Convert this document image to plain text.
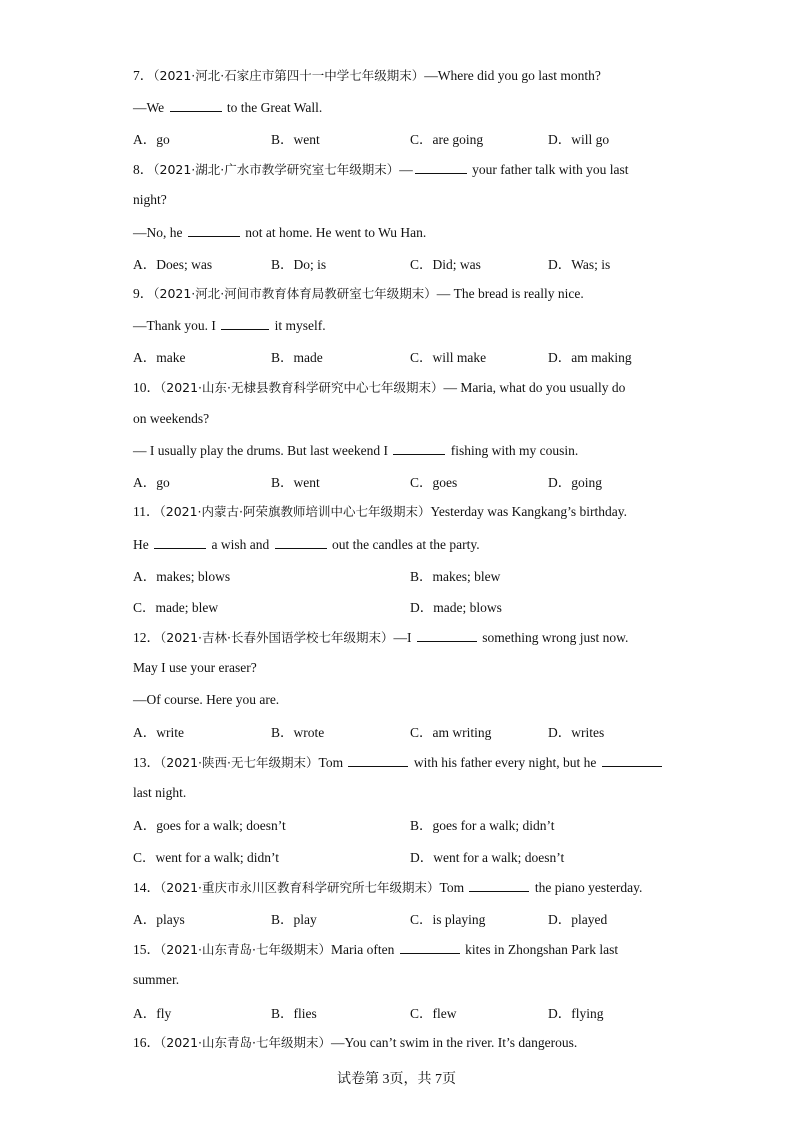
7．（2021·河北·石家庄市第四十一中学七年级期末）—Where did you go last month?
—We	to the Great Wall.
A．go	B．went	C．are going	D．will go
8．（2021·湖北·广水市教学研究室七年级期末）—	your father talk with you last
night?
—No, he	not at home. He went to Wu Han.
A．Does; was	B．Do; is	C．Did; was	D．Was; is
9．（2021·河北·河间市教育体育局教研室七年级期末）— The bread is really nice.
—Thank you. I	it myself.
A．make	B．made	C．will make	D．am making
10．（2021·山东·无棣县教育科学研究中心七年级期末）— Maria, what do you usually do
on weekends?
— I usually play the drums. But last weekend I	fishing with my cousin.
A．go	B．went	C．goes	D．going
11．（2021·内蒙古·阿荣旗教师培训中心七年级期末）Yesterday was Kangkang’s birthday.
He	a wish and	out the candles at the party.
A．makes; blows	B．makes; blew
C．made; blew	D．made; blows
12．（2021·吉林·长春外国语学校七年级期末）—I	something wrong just now.
May I use your eraser?
—Of course. Here you are.
A．write	B．wrote	C．am writing	D．writes
13．（2021·陕西·无七年级期末）Tom	with his father every night, but he
last night.
A．goes for a walk; doesn’t	B．goes for a walk; didn’t
C．went for a walk; didn’t	D．went for a walk; doesn’t
14．（2021·重庆市永川区教育科学研究所七年级期末）Tom	the piano yesterday.
A．plays	B．play	C．is playing	D．played
15．（2021·山东青岛·七年级期末）Maria often	kites in Zhongshan Park last
summer.
A．fly	B．flies	C．flew	D．flying
16．（2021·山东青岛·七年级期末）—You can’t swim in the river. It’s dangerous.
试卷第 3页，共 7页
